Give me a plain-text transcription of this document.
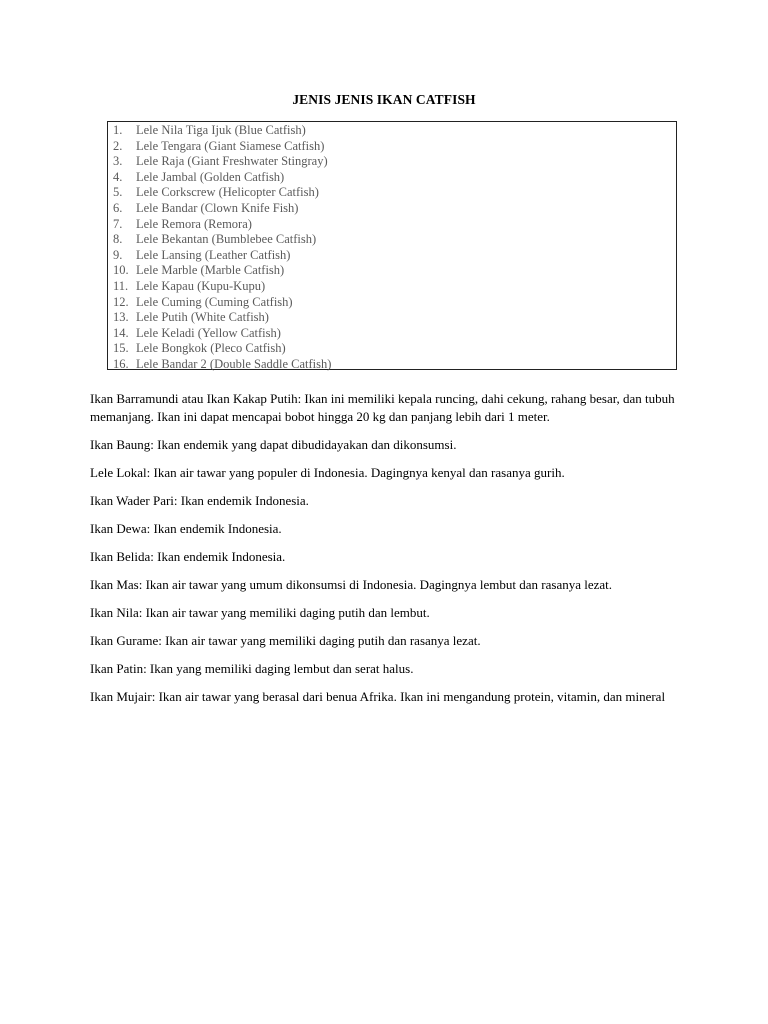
JENIS JENIS IKAN CATFISH
1.	Lele Nila Tiga Ijuk (Blue Catfish)
2.	Lele Tengara (Giant Siamese Catfish)
3.	Lele Raja (Giant Freshwater Stingray)
4.	Lele Jambal (Golden Catfish)
5.	Lele Corkscrew (Helicopter Catfish)
6.	Lele Bandar (Clown Knife Fish)
7.	Lele Remora (Remora)
8.	Lele Bekantan (Bumblebee Catfish)
9.	Lele Lansing (Leather Catfish)
10. Lele Marble (Marble Catfish)
11. Lele Kapau (Kupu-Kupu)
12. Lele Cuming (Cuming Catfish)
13. Lele Putih (White Catfish)
14. Lele Keladi (Yellow Catfish)
15. Lele Bongkok (Pleco Catfish)
16. Lele Bandar 2 (Double Saddle Catfish)

Ikan Barramundi atau Ikan Kakap Putih: Ikan ini memiliki kepala runcing, dahi cekung, rahang besar, dan tubuh memanjang. Ikan ini dapat mencapai bobot hingga 20 kg dan panjang lebih dari 1 meter.

Ikan Baung: Ikan endemik yang dapat dibudidayakan dan dikonsumsi.

Lele Lokal: Ikan air tawar yang populer di Indonesia. Dagingnya kenyal dan rasanya gurih.

Ikan Wader Pari: Ikan endemik Indonesia.

Ikan Dewa: Ikan endemik Indonesia.

Ikan Belida: Ikan endemik Indonesia.

Ikan Mas: Ikan air tawar yang umum dikonsumsi di Indonesia. Dagingnya lembut dan rasanya lezat.

Ikan Nila: Ikan air tawar yang memiliki daging putih dan lembut.

Ikan Gurame: Ikan air tawar yang memiliki daging putih dan rasanya lezat.

Ikan Patin: Ikan yang memiliki daging lembut dan serat halus.

Ikan Mujair: Ikan air tawar yang berasal dari benua Afrika. Ikan ini mengandung protein, vitamin, dan mineral
